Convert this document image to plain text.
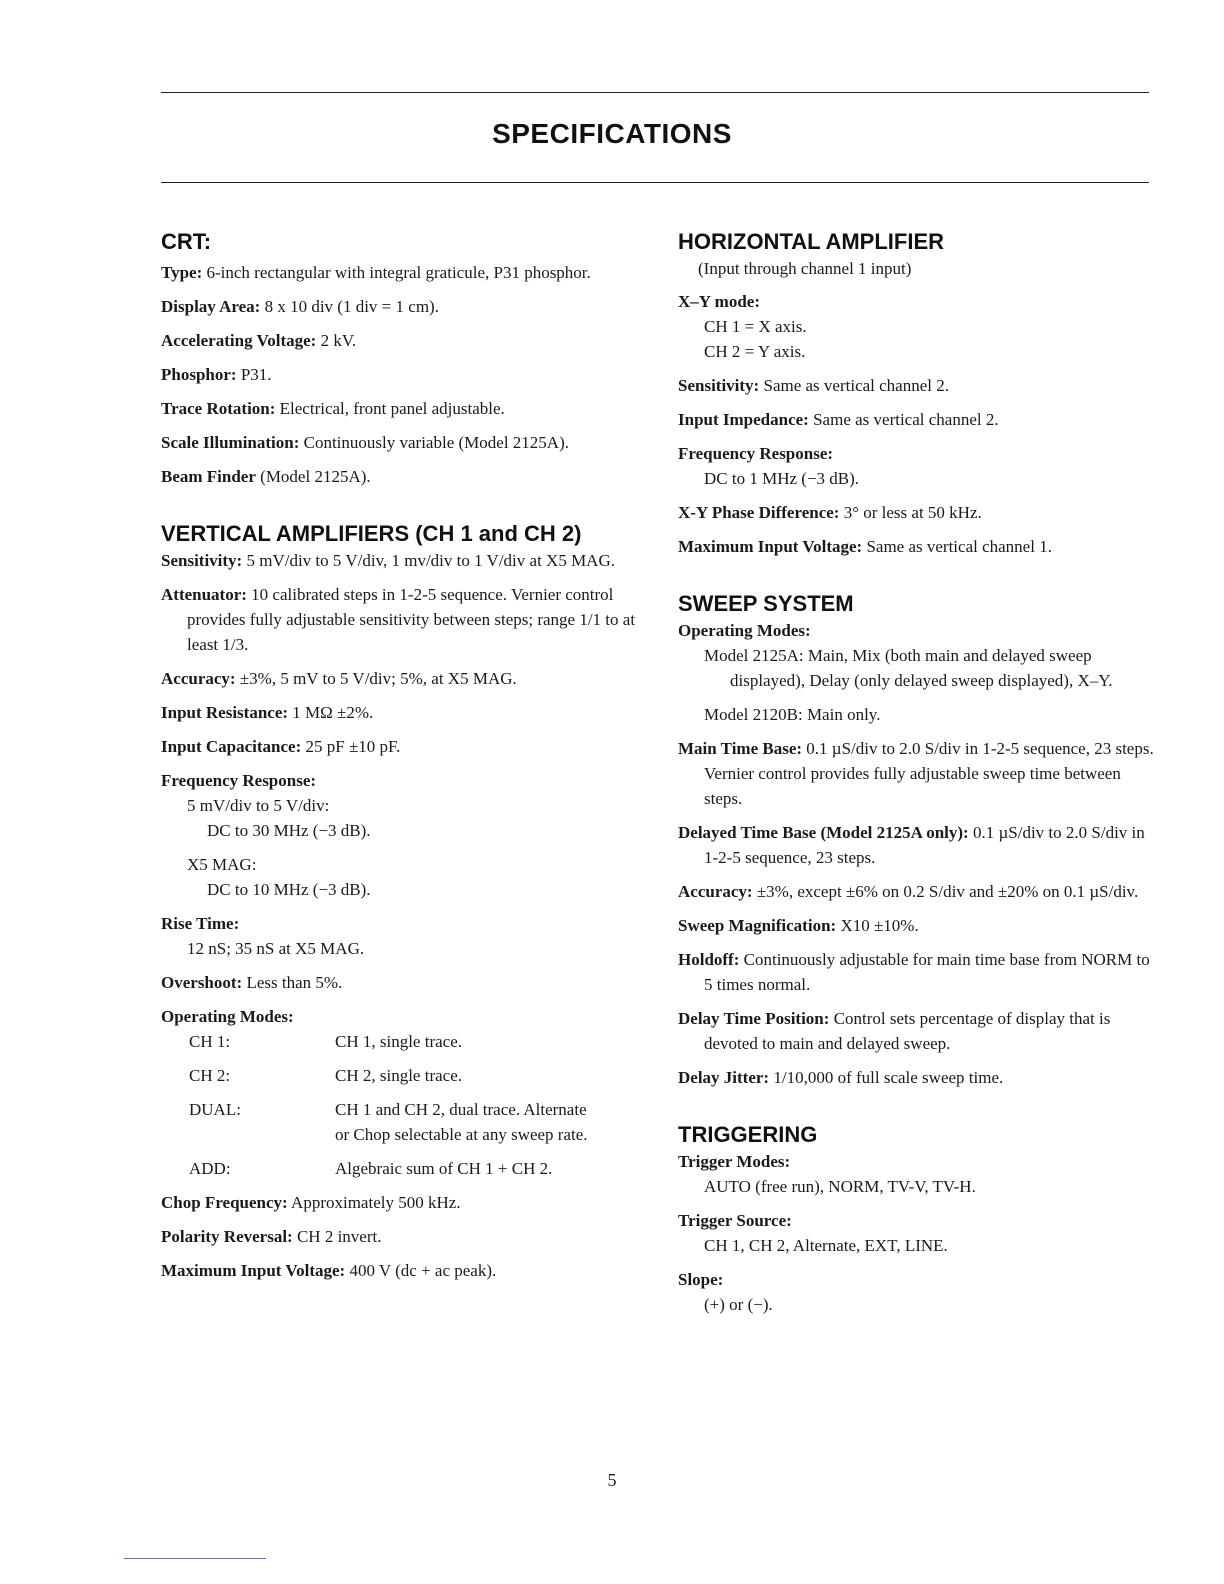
SPECIFICATIONS
CRT:

Type: 6-inch rectangular with integral graticule, P31 phosphor.

Display Area: 8 x 10 div (1 div = 1 cm).

Accelerating Voltage: 2 kV.

Phosphor: P31.

Trace Rotation: Electrical, front panel adjustable.

Scale Illumination: Continuously variable (Model 2125A).

Beam Finder (Model 2125A).

VERTICAL AMPLIFIERS (CH 1 and CH 2)

Sensitivity: 5 mV/div to 5 V/div, 1 mv/div to 1 V/div at X5 MAG.

Attenuator: 10 calibrated steps in 1-2-5 sequence. Vernier control provides fully adjustable sensitivity between steps; range 1/1 to at least 1/3.

Accuracy: ±3%, 5 mV to 5 V/div; 5%, at X5 MAG.

Input Resistance: 1 MΩ ±2%.

Input Capacitance: 25 pF ±10 pF.

Frequency Response:

5 mV/div to 5 V/div:

DC to 30 MHz (−3 dB).

X5 MAG:

DC to 10 MHz (−3 dB).

Rise Time:

12 nS; 35 nS at X5 MAG.

Overshoot: Less than 5%.

Operating Modes:

CH 1:	CH 1, single trace.
CH 2:	CH 2, single trace.
DUAL:	CH 1 and CH 2, dual trace. Alternate or Chop selectable at any sweep rate.
ADD:	Algebraic sum of CH 1 + CH 2.

Chop Frequency: Approximately 500 kHz.

Polarity Reversal: CH 2 invert.

Maximum Input Voltage: 400 V (dc + ac peak).

HORIZONTAL AMPLIFIER

(Input through channel 1 input)

X–Y mode:

CH 1 = X axis.

CH 2 = Y axis.

Sensitivity: Same as vertical channel 2.

Input Impedance: Same as vertical channel 2.

Frequency Response:

DC to 1 MHz (−3 dB).

X-Y Phase Difference: 3° or less at 50 kHz.

Maximum Input Voltage: Same as vertical channel 1.

SWEEP SYSTEM

Operating Modes:

Model 2125A: Main, Mix (both main and delayed sweep displayed), Delay (only delayed sweep displayed), X–Y.

Model 2120B: Main only.

Main Time Base: 0.1 µS/div to 2.0 S/div in 1-2-5 sequence, 23 steps. Vernier control provides fully adjustable sweep time between steps.

Delayed Time Base (Model 2125A only): 0.1 µS/div to 2.0 S/div in 1-2-5 sequence, 23 steps.

Accuracy: ±3%, except ±6% on 0.2 S/div and ±20% on 0.1 µS/div.

Sweep Magnification: X10 ±10%.

Holdoff: Continuously adjustable for main time base from NORM to 5 times normal.

Delay Time Position: Control sets percentage of display that is devoted to main and delayed sweep.

Delay Jitter: 1/10,000 of full scale sweep time.

TRIGGERING

Trigger Modes:

AUTO (free run), NORM, TV-V, TV-H.

Trigger Source:

CH 1, CH 2, Alternate, EXT, LINE.

Slope:

(+) or (−).

5
